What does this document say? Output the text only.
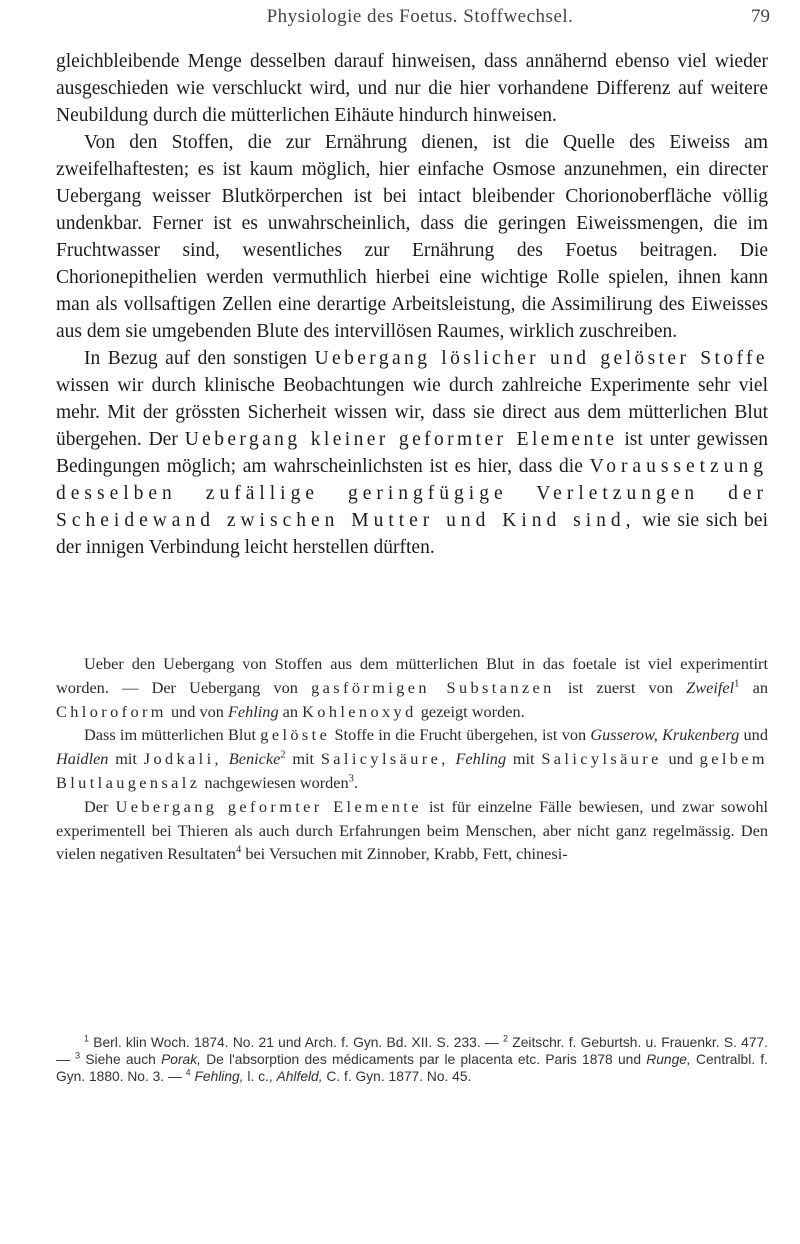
Physiologie des Foetus. Stoffwechsel.	79

gleichbleibende Menge desselben darauf hinweisen, dass annähernd ebenso viel wieder ausgeschieden wie verschluckt wird, und nur die hier vorhandene Differenz auf weitere Neubildung durch die mütterlichen Eihäute hindurch hinweisen.

Von den Stoffen, die zur Ernährung dienen, ist die Quelle des Eiweiss am zweifelhaftesten; es ist kaum möglich, hier einfache Osmose anzunehmen, ein directer Uebergang weisser Blutkörperchen ist bei intact bleibender Chorionoberfläche völlig undenkbar. Ferner ist es unwahrscheinlich, dass die geringen Eiweissmengen, die im Fruchtwasser sind, wesentliches zur Ernährung des Foetus beitragen. Die Chorionepithelien werden vermuthlich hierbei eine wichtige Rolle spielen, ihnen kann man als vollsaftigen Zellen eine derartige Arbeitsleistung, die Assimilirung des Eiweisses aus dem sie umgebenden Blute des intervillösen Raumes, wirklich zuschreiben.

In Bezug auf den sonstigen Uebergang löslicher und gelöster Stoffe wissen wir durch klinische Beobachtungen wie durch zahlreiche Experimente sehr viel mehr. Mit der grössten Sicherheit wissen wir, dass sie direct aus dem mütterlichen Blut übergehen. Der Uebergang kleiner geformter Elemente ist unter gewissen Bedingungen möglich; am wahrscheinlichsten ist es hier, dass die Voraussetzung desselben zufällige geringfügige Verletzungen der Scheidewand zwischen Mutter und Kind sind, wie sie sich bei der innigen Verbindung leicht herstellen dürften.

Ueber den Uebergang von Stoffen aus dem mütterlichen Blut in das foetale ist viel experimentirt worden. — Der Uebergang von gasförmigen Substanzen ist zuerst von Zweifel$^1$ an Chloroform und von Fehling an Kohlenoxyd gezeigt worden.

Dass im mütterlichen Blut gelöste Stoffe in die Frucht übergehen, ist von Gusserow, Krukenberg und Haidlen mit Jodkali, Benicke$^2$ mit Salicylsäure, Fehling mit Salicylsäure und gelbem Blutlaugensalz nachgewiesen worden$^3$.

Der Uebergang geformter Elemente ist für einzelne Fälle bewiesen, und zwar sowohl experimentell bei Thieren als auch durch Erfahrungen beim Menschen, aber nicht ganz regelmässig. Den vielen negativen Resultaten$^4$ bei Versuchen mit Zinnober, Krabb, Fett, chinesi-

$^1$ Berl. klin Woch. 1874. No. 21 und Arch. f. Gyn. Bd. XII. S. 233. — $^2$ Zeitschr. f. Geburtsh. u. Frauenkr. S. 477. — $^3$ Siehe auch Porak, De l'absorption des médicaments par le placenta etc. Paris 1878 und Runge, Centralbl. f. Gyn. 1880. No. 3. — $^4$ Fehling, l. c., Ahlfeld, C. f. Gyn. 1877. No. 45.
